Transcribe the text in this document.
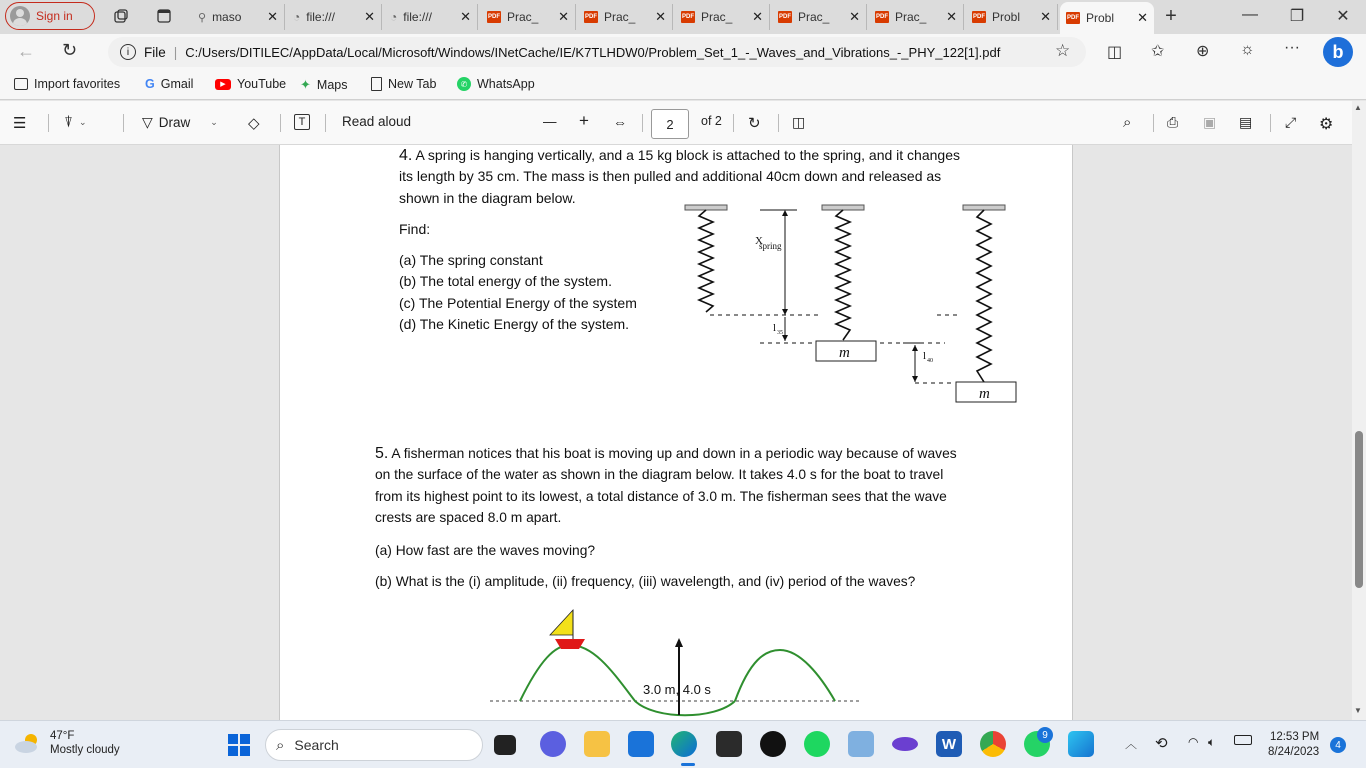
Sign in	⚲ maso ✕ ◔ file:/// ✕ ◔ file:/// ✕	PDF Prac_ ✕	PDF Prac_ ✕	PDF Prac_ ✕	PDF Prac_ ✕	PDF Prac_ ✕	PDF Probl ✕	PDF Probl ✕ +	— ❐ ✕
← ↻	i	File | C:/Users/DITILEC/AppData/Local/Microsoft/Windows/INetCache/IE/K7TLHDW0/Problem_Set_1_-_Waves_and_Vibrations_-_PHY_122[1].pdf	☆ ◫ ✩ ⊕ ☼ ···	b
Import favorites G Gmail	▶ YouTube ✦ Maps	New Tab	✆ WhatsApp
☰	⍒ ⌄	▽ Draw ⌄ ◇	T	Read aloud	— + ⇔	2	of 2 ↻ ◫	⌕	⎙ ▣ ▤ ⤢ ⚙
4. A spring is hanging vertically, and a 15 kg block is attached to the spring, and it changes
its length by 35 cm. The mass is then pulled and additional 40cm down and released as
shown in the diagram below.
Find:
(a) The spring constant
(b) The total energy of the system.
(c) The Potential Energy of the system
(d) The Kinetic Energy of the system.
X
spring
l 35
l 40
m
m
5. A fisherman notices that his boat is moving up and down in a periodic way because of waves
on the surface of the water as shown in the diagram below. It takes 4.0 s for the boat to travel
from its highest point to its lowest, a total distance of 3.0 m. The fisherman sees that the wave
crests are spaced 8.0 m apart.
(a) How fast are the waves moving?
(b) What is the (i) amplitude, (ii) frequency, (iii) wavelength, and (iv) period of the waves?
3.0 m, 4.0 s
▲
▼
47°F
Mostly cloudy	⌕ Search	W
9
︿ ⟲ ◠ 🔈︎	12:53 PM
8/24/2023
4
